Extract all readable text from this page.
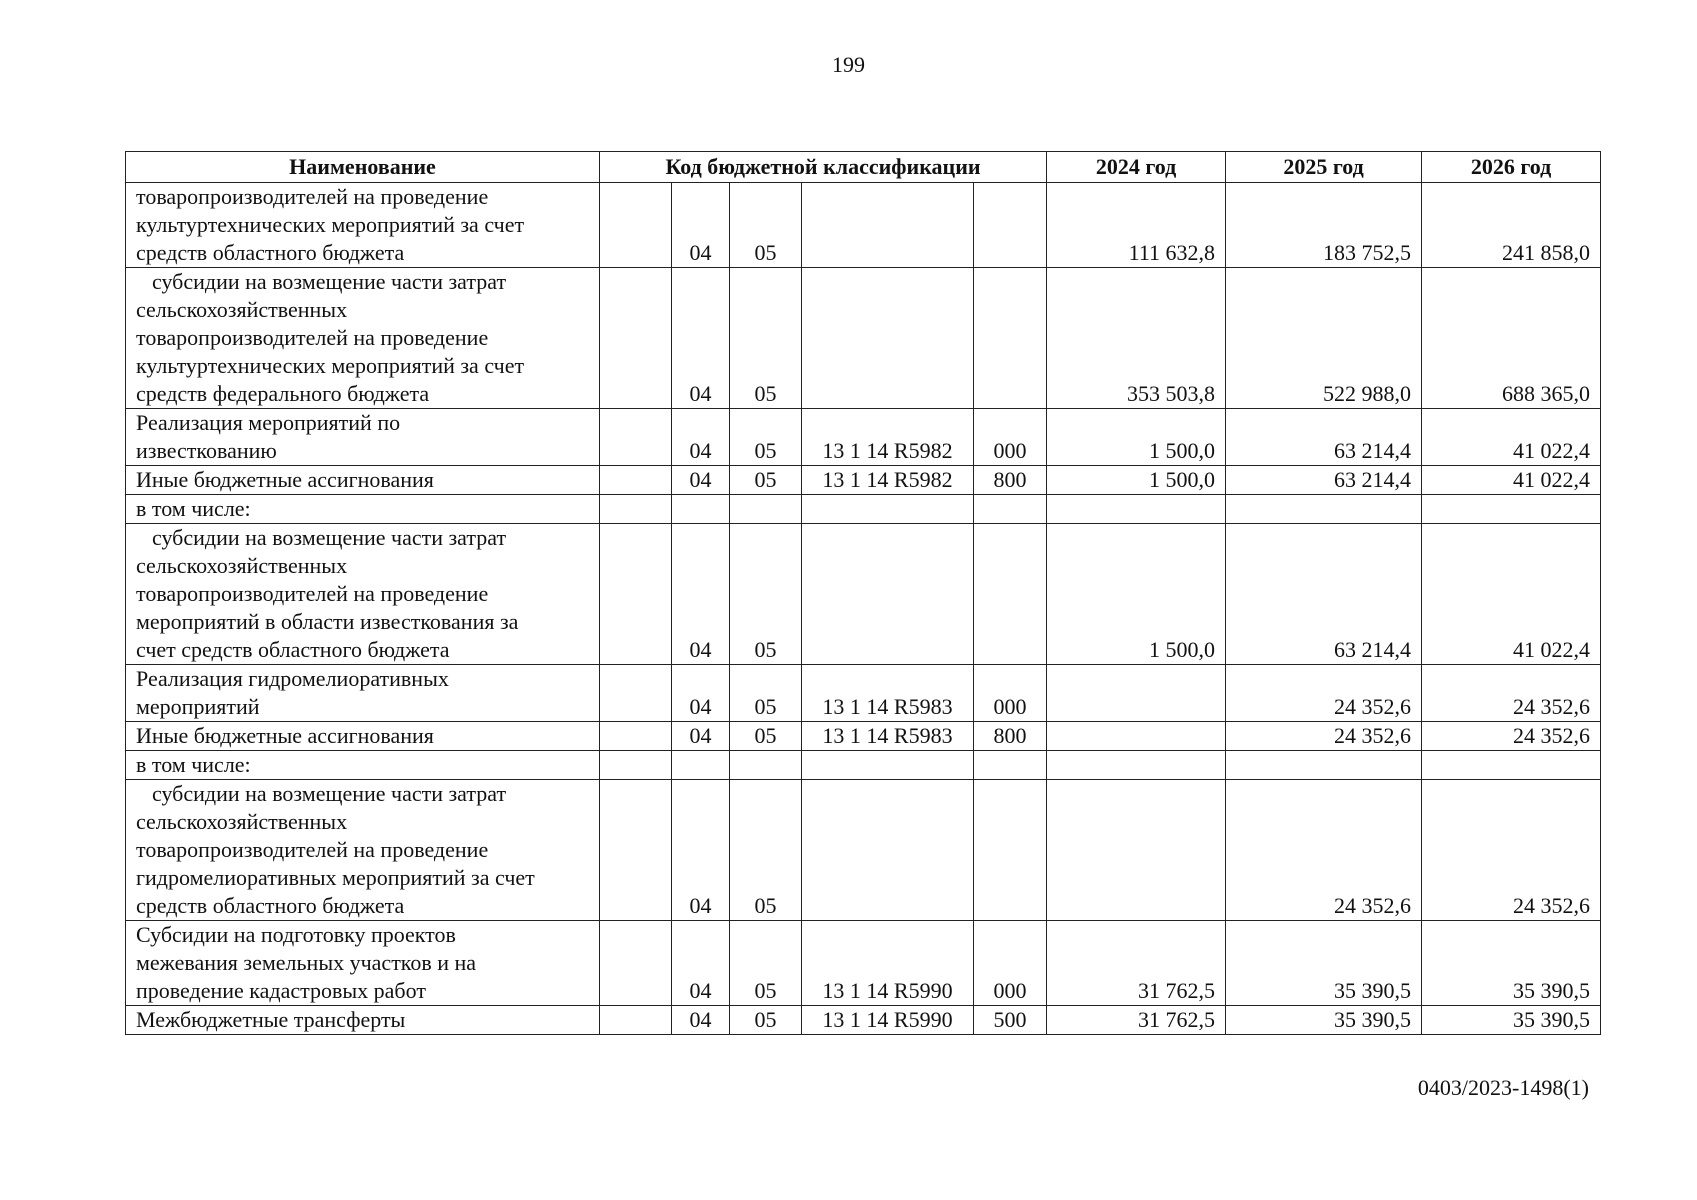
199
Наименование	Код бюджетной классификации					2024 год	2025 год	2026 год

товаропроизводителей на проведение
культуртехнических мероприятий за счет
средств областного бюджета		04	05			111 632,8	183 752,5	241 858,0

субсидии на возмещение части затрат
сельскохозяйственных
товаропроизводителей на проведение
культуртехнических мероприятий за счет
средств федерального бюджета		04	05			353 503,8	522 988,0	688 365,0

Реализация мероприятий по
известкованию		04	05	13 1 14 R5982	000	1 500,0	63 214,4	41 022,4

Иные бюджетные ассигнования		04	05	13 1 14 R5982	800	1 500,0	63 214,4	41 022,4

в том числе:								

субсидии на возмещение части затрат
сельскохозяйственных
товаропроизводителей на проведение
мероприятий в области известкования за
счет средств областного бюджета		04	05			1 500,0	63 214,4	41 022,4

Реализация гидромелиоративных
мероприятий		04	05	13 1 14 R5983	000		24 352,6	24 352,6

Иные бюджетные ассигнования		04	05	13 1 14 R5983	800		24 352,6	24 352,6

в том числе:								

субсидии на возмещение части затрат
сельскохозяйственных
товаропроизводителей на проведение
гидромелиоративных мероприятий за счет
средств областного бюджета		04	05				24 352,6	24 352,6

Субсидии на подготовку проектов
межевания земельных участков и на
проведение кадастровых работ		04	05	13 1 14 R5990	000	31 762,5	35 390,5	35 390,5

Межбюджетные трансферты		04	05	13 1 14 R5990	500	31 762,5	35 390,5	35 390,5
0403/2023-1498(1)
